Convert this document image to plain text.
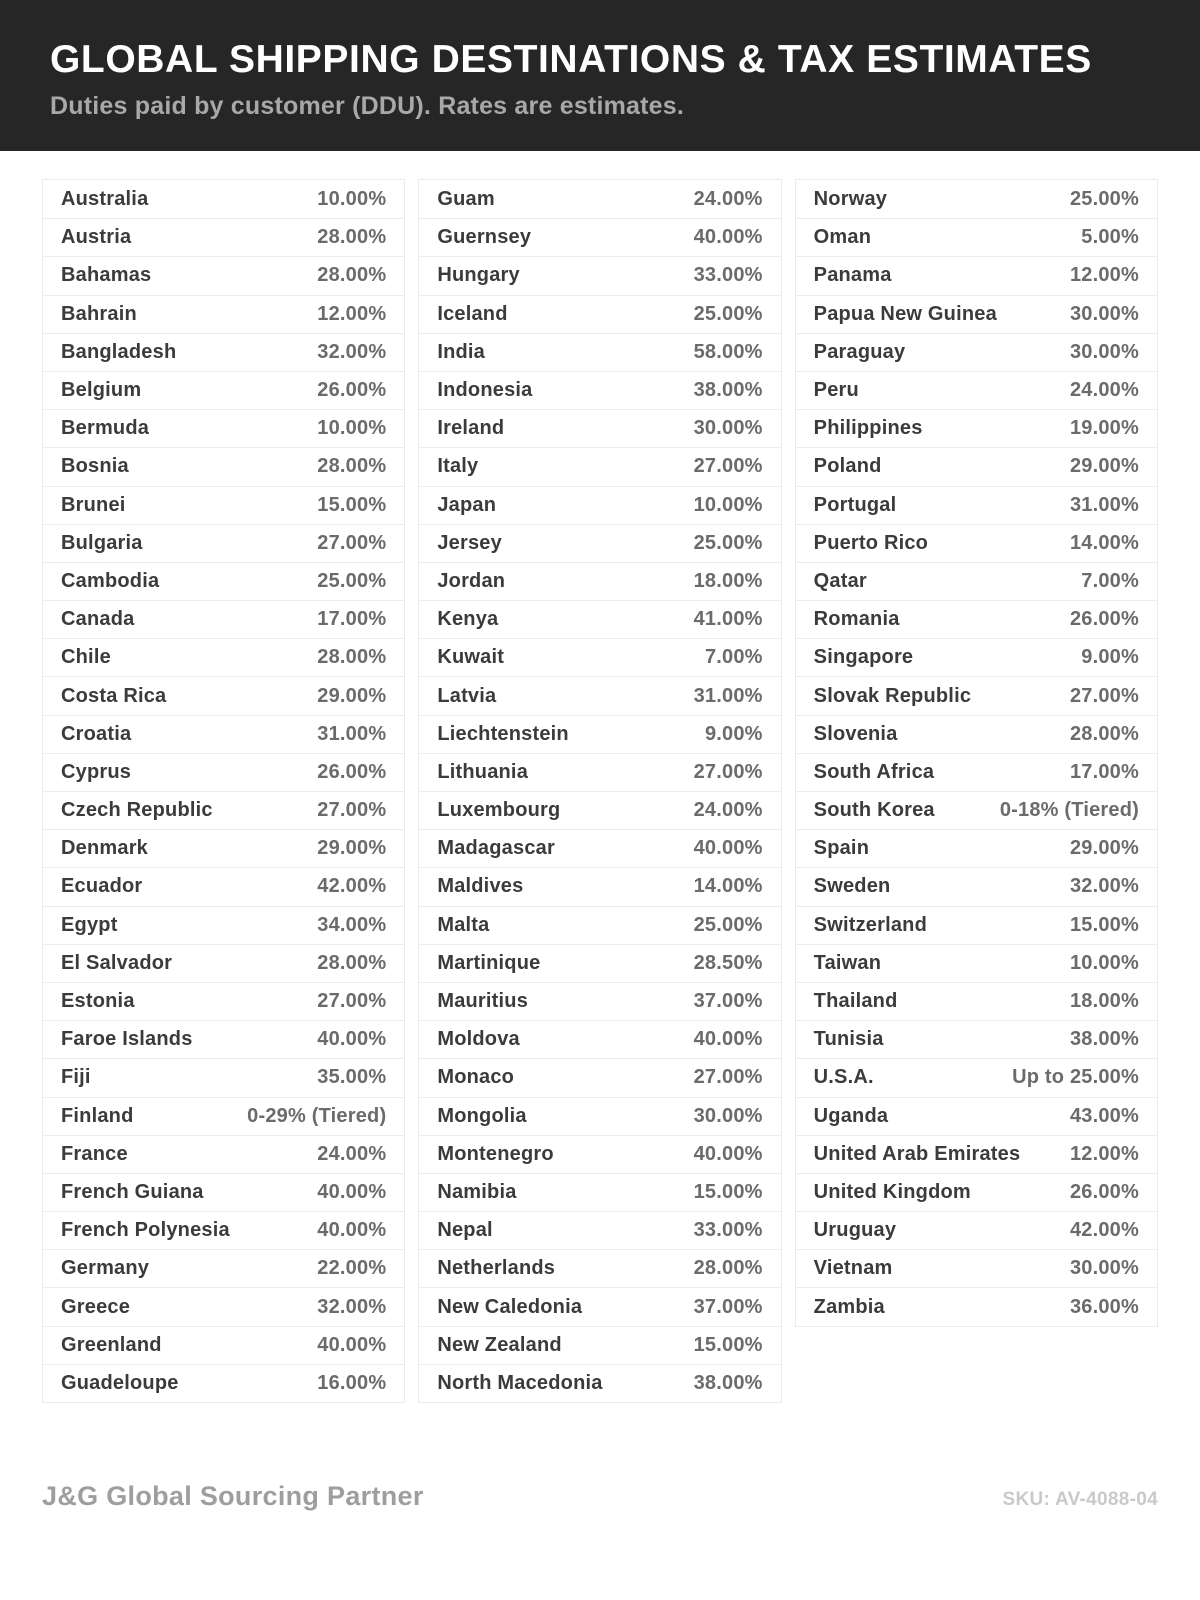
GLOBAL SHIPPING DESTINATIONS & TAX ESTIMATES
Duties paid by customer (DDU). Rates are estimates.
Australia	10.00%
Austria	28.00%
Bahamas	28.00%
Bahrain	12.00%
Bangladesh	32.00%
Belgium	26.00%
Bermuda	10.00%
Bosnia	28.00%
Brunei	15.00%
Bulgaria	27.00%
Cambodia	25.00%
Canada	17.00%
Chile	28.00%
Costa Rica	29.00%
Croatia	31.00%
Cyprus	26.00%
Czech Republic	27.00%
Denmark	29.00%
Ecuador	42.00%
Egypt	34.00%
El Salvador	28.00%
Estonia	27.00%
Faroe Islands	40.00%
Fiji	35.00%
Finland	0-29% (Tiered)
France	24.00%
French Guiana	40.00%
French Polynesia	40.00%
Germany	22.00%
Greece	32.00%
Greenland	40.00%
Guadeloupe	16.00%
Guam	24.00%
Guernsey	40.00%
Hungary	33.00%
Iceland	25.00%
India	58.00%
Indonesia	38.00%
Ireland	30.00%
Italy	27.00%
Japan	10.00%
Jersey	25.00%
Jordan	18.00%
Kenya	41.00%
Kuwait	7.00%
Latvia	31.00%
Liechtenstein	9.00%
Lithuania	27.00%
Luxembourg	24.00%
Madagascar	40.00%
Maldives	14.00%
Malta	25.00%
Martinique	28.50%
Mauritius	37.00%
Moldova	40.00%
Monaco	27.00%
Mongolia	30.00%
Montenegro	40.00%
Namibia	15.00%
Nepal	33.00%
Netherlands	28.00%
New Caledonia	37.00%
New Zealand	15.00%
North Macedonia	38.00%
Norway	25.00%
Oman	5.00%
Panama	12.00%
Papua New Guinea	30.00%
Paraguay	30.00%
Peru	24.00%
Philippines	19.00%
Poland	29.00%
Portugal	31.00%
Puerto Rico	14.00%
Qatar	7.00%
Romania	26.00%
Singapore	9.00%
Slovak Republic	27.00%
Slovenia	28.00%
South Africa	17.00%
South Korea	0-18% (Tiered)
Spain	29.00%
Sweden	32.00%
Switzerland	15.00%
Taiwan	10.00%
Thailand	18.00%
Tunisia	38.00%
U.S.A.	Up to 25.00%
Uganda	43.00%
United Arab Emirates	12.00%
United Kingdom	26.00%
Uruguay	42.00%
Vietnam	30.00%
Zambia	36.00%
J&G Global Sourcing Partner	SKU: AV-4088-04
